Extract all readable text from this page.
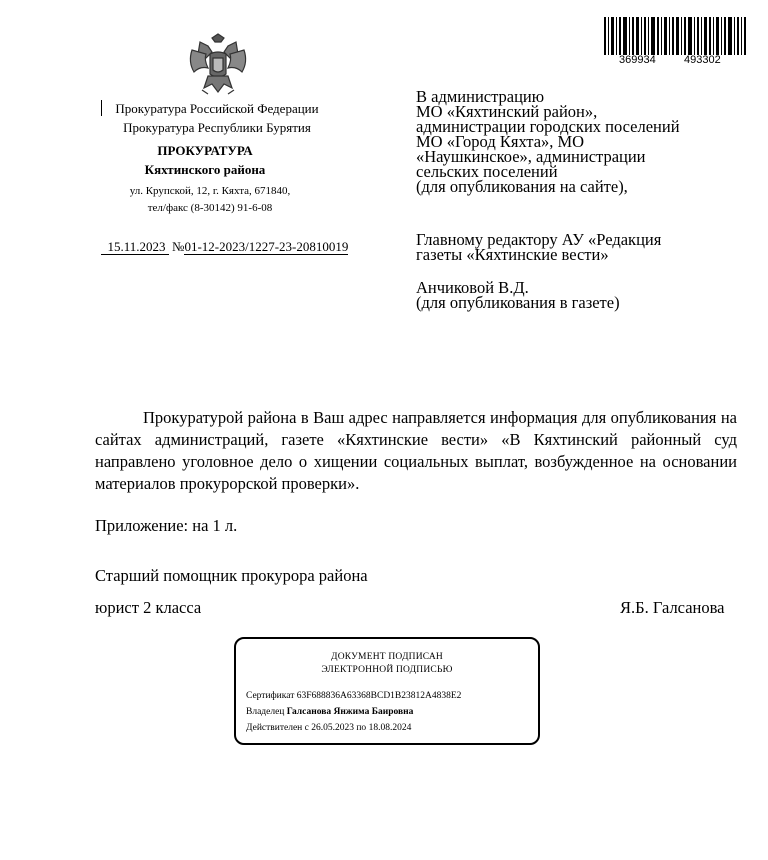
369934	493302
Прокуратура Российской Федерации
Прокуратура Республики Бурятия
ПРОКУРАТУРА
Кяхтинского района
ул. Крупской, 12, г. Кяхта, 671840,
тел/факс (8-30142) 91-6-08
15.11.2023 №01-12-2023/1227-23-20810019
В администрацию
МО «Кяхтинский район»,
администрации городских поселений
МО «Город Кяхта», МО
«Наушкинское», администрации
сельских поселений
(для опубликования на сайте),
Главному редактору АУ «Редакция
газеты «Кяхтинские вести»
Анчиковой В.Д.
(для опубликования в газете)
Прокуратурой района в Ваш адрес направляется информация для опубликования на сайтах администраций, газете «Кяхтинские вести» «В Кяхтинский районный суд направлено уголовное дело о хищении социальных выплат, возбужденное на основании материалов прокурорской проверки».
Приложение: на 1 л.
Старший помощник прокурора района
юрист 2 класса	Я.Б. Галсанова
ДОКУМЕНТ ПОДПИСАН
ЭЛЕКТРОННОЙ ПОДПИСЬЮ
Сертификат 63F688836A63368BCD1B23812A4838E2
Владелец Галсанова Янжима Баировна
Действителен с 26.05.2023 по 18.08.2024
